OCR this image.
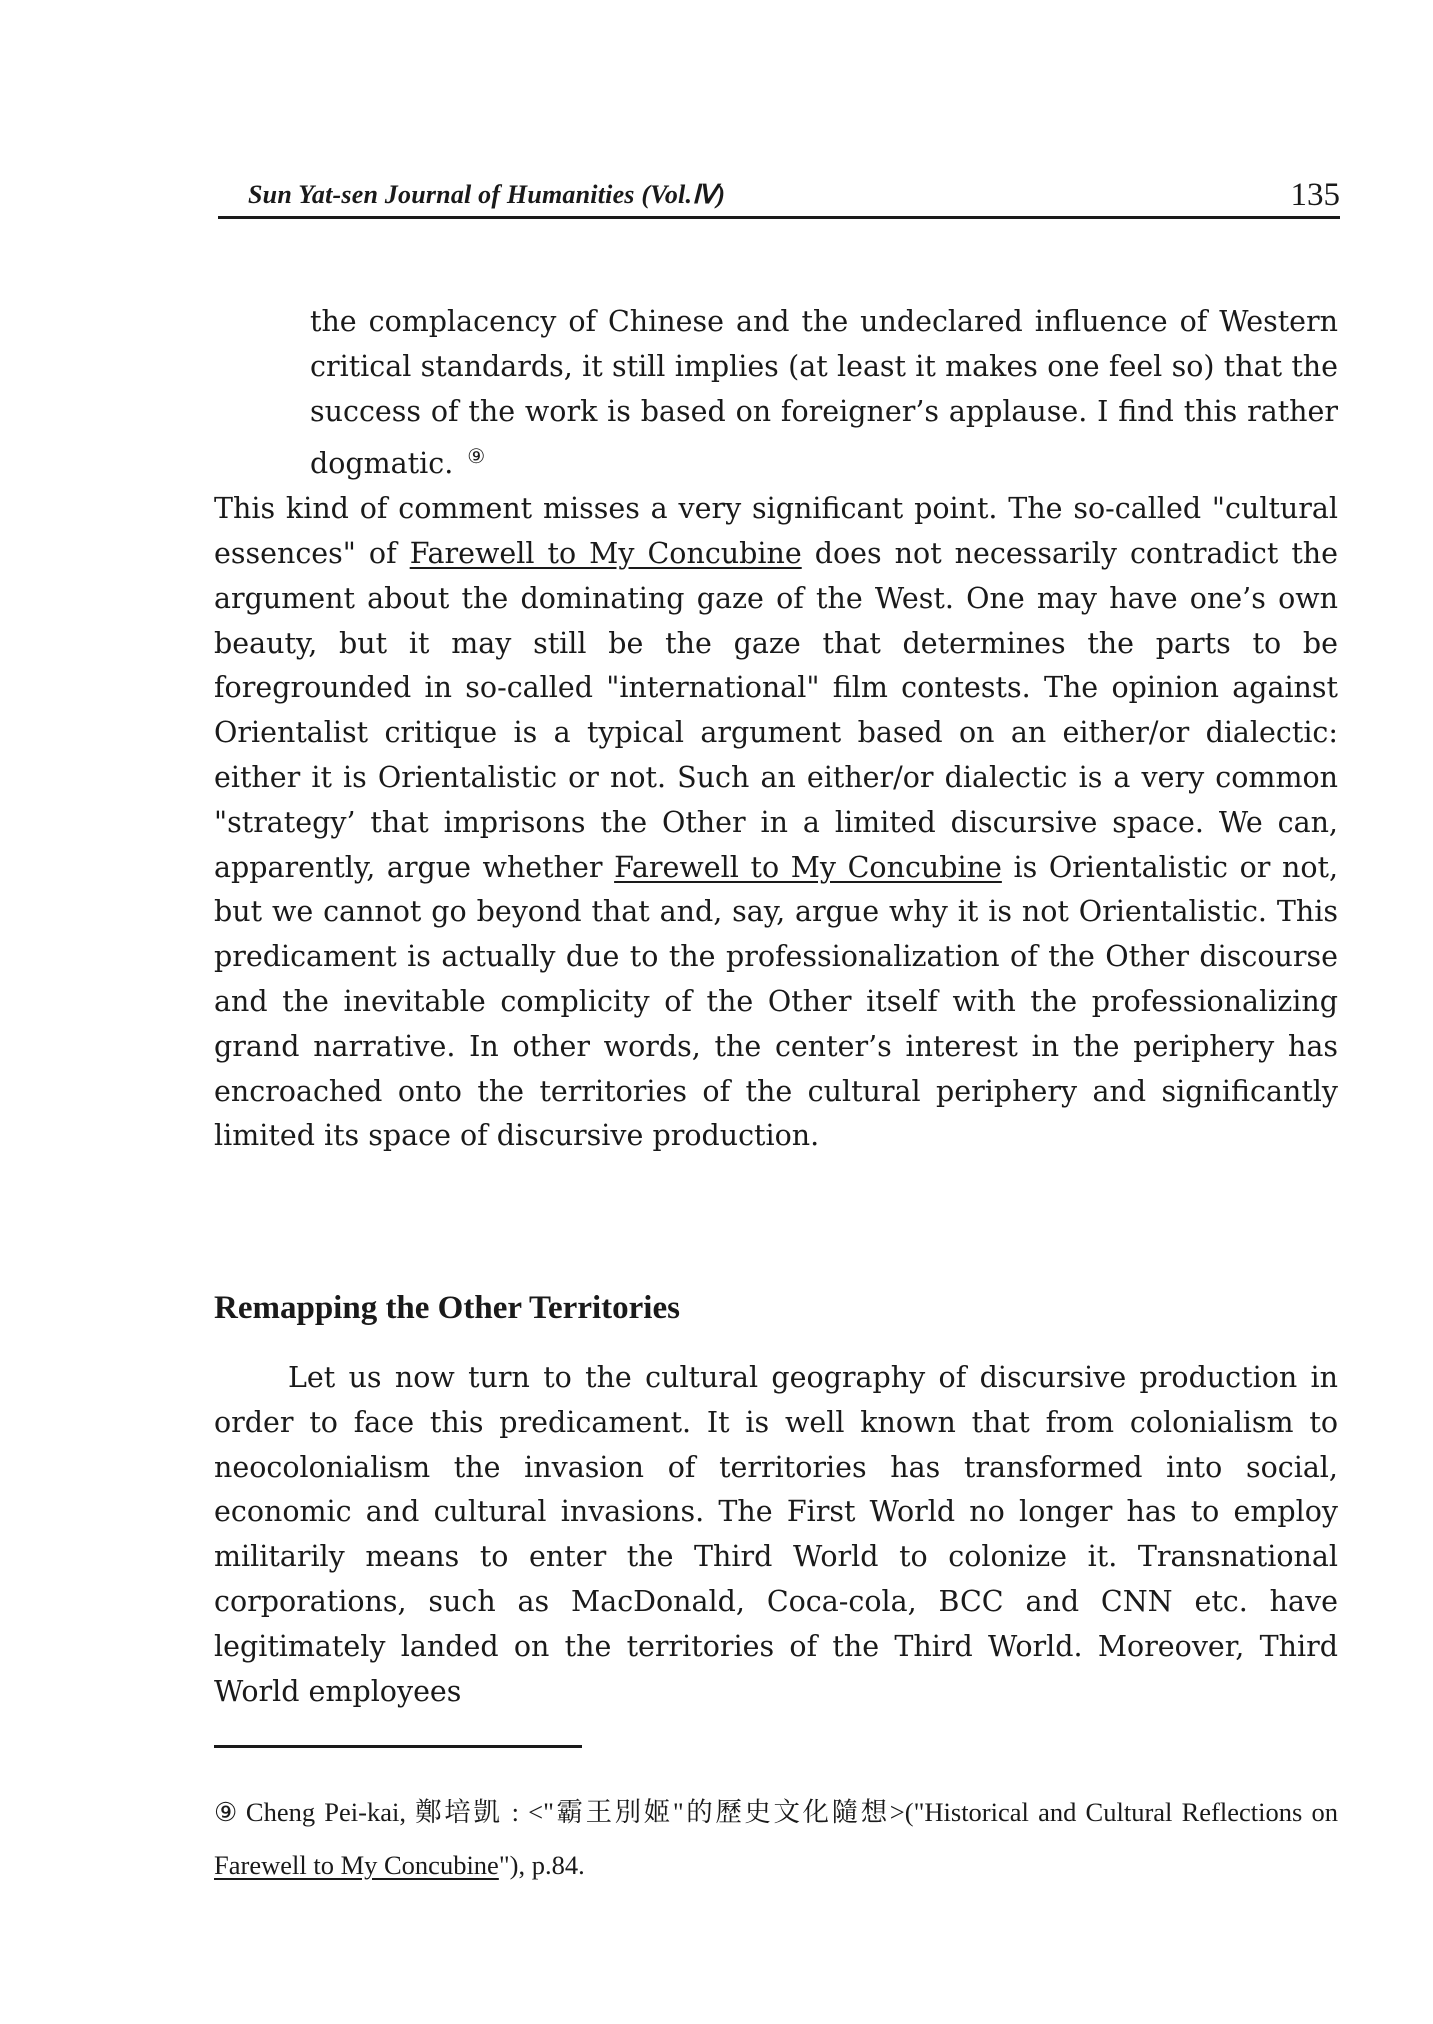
Sun Yat-sen Journal of Humanities (Vol.Ⅳ)	135

the complacency of Chinese and the undeclared influence of Western critical standards, it still implies (at least it makes one feel so) that the success of the work is based on foreigner’s applause. I find this rather dogmatic. ⑨

This kind of comment misses a very significant point. The so-called "cultural essences" of Farewell to My Concubine does not necessarily contradict the argument about the dominating gaze of the West. One may have one’s own beauty, but it may still be the gaze that determines the parts to be foregrounded in so-called "international" film contests. The opinion against Orientalist critique is a typical argument based on an either/or dialectic: either it is Orientalistic or not. Such an either/or dialectic is a very common "strategy’ that imprisons the Other in a limited discursive space. We can, apparently, argue whether Farewell to My Concubine is Orientalistic or not, but we cannot go beyond that and, say, argue why it is not Orientalistic. This predicament is actually due to the professionalization of the Other discourse and the inevitable complicity of the Other itself with the professionalizing grand narrative. In other words, the center’s interest in the periphery has encroached onto the territories of the cultural periphery and significantly limited its space of discursive production.

Remapping the Other Territories

Let us now turn to the cultural geography of discursive production in order to face this predicament. It is well known that from colonialism to neocolonialism the invasion of territories has transformed into social, economic and cultural invasions. The First World no longer has to employ militarily means to enter the Third World to colonize it. Transnational corporations, such as MacDonald, Coca-cola, BCC and CNN etc. have legitimately landed on the territories of the Third World. Moreover, Third World employees

⑨ Cheng Pei-kai, 鄭培凱 : <"霸王別姬"的歷史文化隨想>("Historical and Cultural Reflections on Farewell to My Concubine"), p.84.
